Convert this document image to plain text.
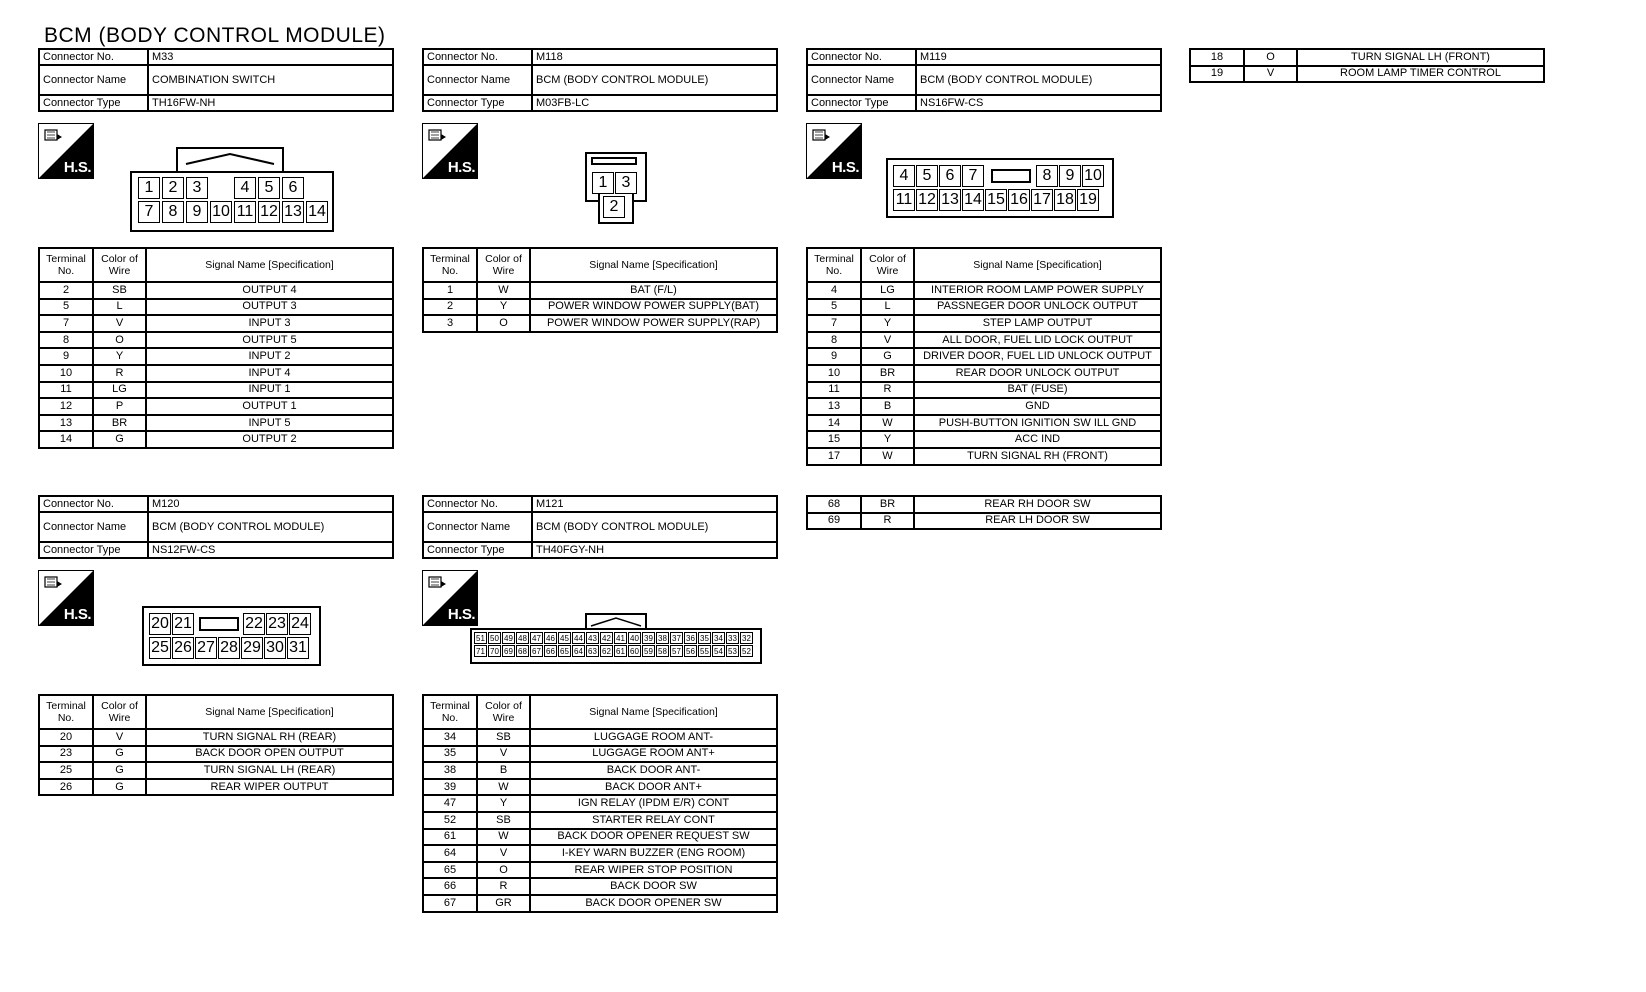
BCM (BODY CONTROL MODULE)
Connector No.	M33
Connector Name	COMBINATION SWITCH
Connector Type	TH16FW-NH
H.S.
1 2 3	4 5 6
7 8 9 10 11 12 13 14
Terminal No.	Color of Wire	Signal Name [Specification]
2	SB	OUTPUT 4
5	L	OUTPUT 3
7	V	INPUT 3
8	O	OUTPUT 5
9	Y	INPUT 2
10	R	INPUT 4
11	LG	INPUT 1
12	P	OUTPUT 1
13	BR	INPUT 5
14	G	OUTPUT 2
Connector No.	M118
Connector Name	BCM (BODY CONTROL MODULE)
Connector Type	M03FB-LC
H.S.
1 3
2
Terminal No.	Color of Wire	Signal Name [Specification]
1	W	BAT (F/L)
2	Y	POWER WINDOW POWER SUPPLY(BAT)
3	O	POWER WINDOW POWER SUPPLY(RAP)
Connector No.	M119
Connector Name	BCM (BODY CONTROL MODULE)
Connector Type	NS16FW-CS
H.S.	4 5 6 7	8 9 10
11 12 13 14 15 16 17 18 19
Terminal No.	Color of Wire	Signal Name [Specification]
4	LG	INTERIOR ROOM LAMP POWER SUPPLY
5	L	PASSNEGER DOOR UNLOCK OUTPUT
7	Y	STEP LAMP OUTPUT
8	V	ALL DOOR, FUEL LID LOCK OUTPUT
9	G	DRIVER DOOR, FUEL LID UNLOCK OUTPUT
10	BR	REAR DOOR UNLOCK OUTPUT
11	R	BAT (FUSE)
13	B	GND
14	W	PUSH-BUTTON IGNITION SW ILL GND
15	Y	ACC IND
17	W	TURN SIGNAL RH (FRONT)
18	O	TURN SIGNAL LH (FRONT)
19	V	ROOM LAMP TIMER CONTROL
Connector No.	M120
Connector Name	BCM (BODY CONTROL MODULE)
Connector Type	NS12FW-CS
H.S.
20 21	22 23 24
25 26 27 28 29 30 31
Terminal No.	Color of Wire	Signal Name [Specification]
20	V	TURN SIGNAL RH (REAR)
23	G	BACK DOOR OPEN OUTPUT
25	G	TURN SIGNAL LH (REAR)
26	G	REAR WIPER OUTPUT
Connector No.	M121
Connector Name	BCM (BODY CONTROL MODULE)
Connector Type	TH40FGY-NH
H.S.
51 50 49 48 47 46 45 44 43 42 41 40 39 38 37 36 35 34 33 32
71 70 69 68 67 66 65 64 63 62 61 60 59 58 57 56 55 54 53 52
Terminal No.	Color of Wire	Signal Name [Specification]
34	SB	LUGGAGE ROOM ANT-
35	V	LUGGAGE ROOM ANT+
38	B	BACK DOOR ANT-
39	W	BACK DOOR ANT+
47	Y	IGN RELAY (IPDM E/R) CONT
52	SB	STARTER RELAY CONT
61	W	BACK DOOR OPENER REQUEST SW
64	V	I-KEY WARN BUZZER (ENG ROOM)
65	O	REAR WIPER STOP POSITION
66	R	BACK DOOR SW
67	GR	BACK DOOR OPENER SW
68	BR	REAR RH DOOR SW
69	R	REAR LH DOOR SW
